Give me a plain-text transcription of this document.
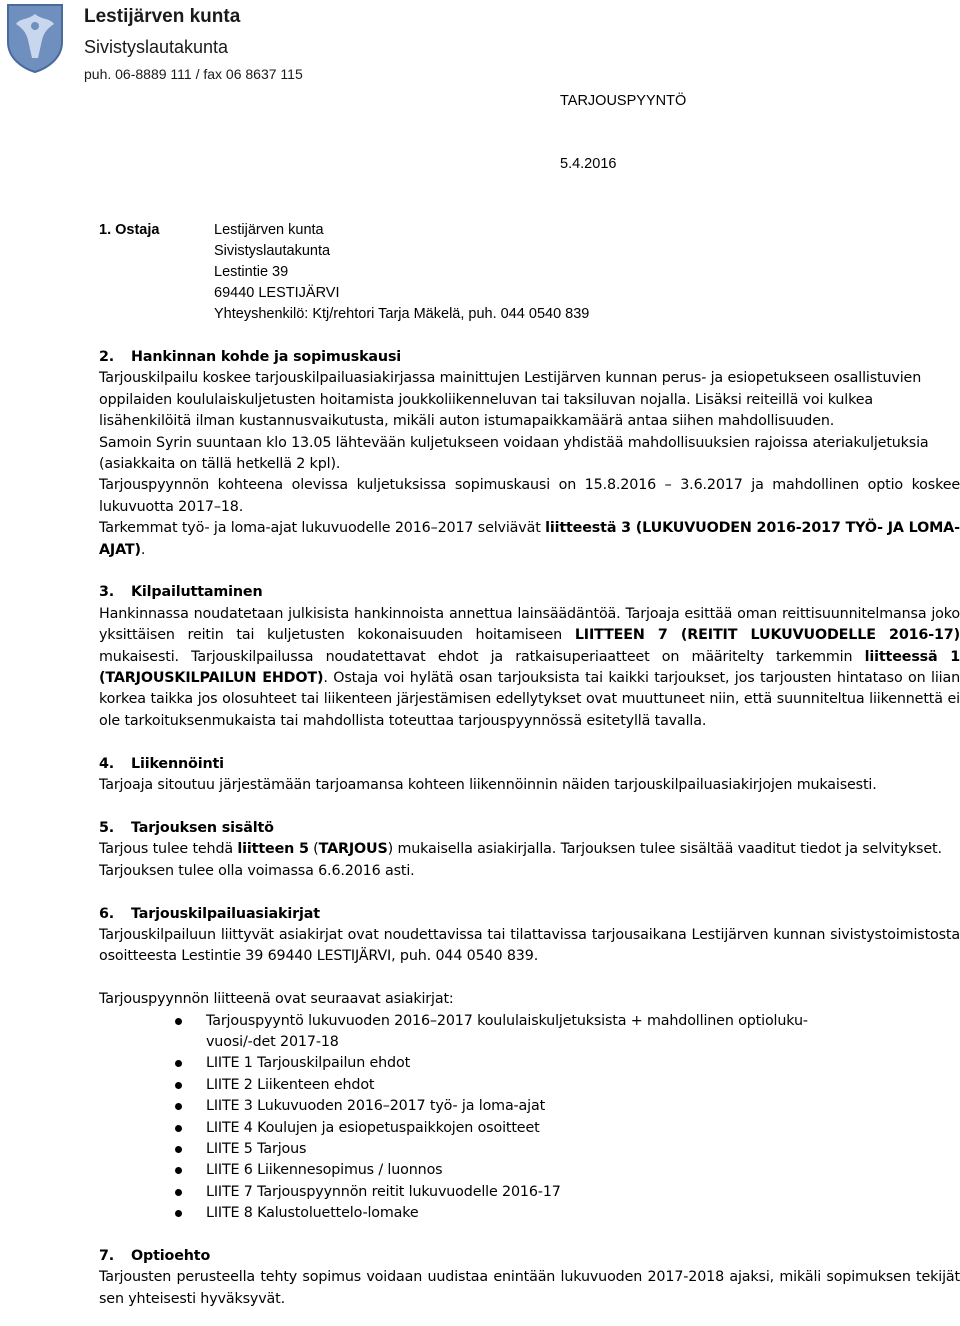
Lestijärven kunta
Sivistyslautakunta
puh. 06-8889 111 / fax 06 8637 115
TARJOUSPYYNTÖ
5.4.2016
1. Ostaja	Lestijärven kunta
Sivistyslautakunta
Lestintie 39
69440 LESTIJÄRVI
Yhteyshenkilö: Ktj/rehtori Tarja Mäkelä, puh. 044 0540 839

2. Hankinnan kohde ja sopimuskausi

Tarjouskilpailu koskee tarjouskilpailuasiakirjassa mainittujen Lestijärven kunnan perus- ja esiopetukseen osallistuvien oppilaiden koululaiskuljetusten hoitamista joukkoliikenneluvan tai taksiluvan nojalla. Lisäksi reiteillä voi kulkea lisähenkilöitä ilman kustannusvaikutusta, mikäli auton istumapaikkamäärä antaa siihen mahdollisuuden.

Samoin Syrin suuntaan klo 13.05 lähtevään kuljetukseen voidaan yhdistää mahdollisuuksien rajoissa ateriakuljetuksia (asiakkaita on tällä hetkellä 2 kpl).

Tarjouspyynnön kohteena olevissa kuljetuksissa sopimuskausi on 15.8.2016 – 3.6.2017 ja mahdollinen optio koskee lukuvuotta 2017–18.

Tarkemmat työ- ja loma-ajat lukuvuodelle 2016–2017 selviävät liitteestä 3 (LUKUVUODEN 2016-2017 TYÖ- JA LOMA-AJAT).

3. Kilpailuttaminen

Hankinnassa noudatetaan julkisista hankinnoista annettua lainsäädäntöä. Tarjoaja esittää oman reittisuunnitelmansa joko yksittäisen reitin tai kuljetusten kokonaisuuden hoitamiseen LIITTEEN 7 (REITIT LUKUVUODELLE 2016-17) mukaisesti. Tarjouskilpailussa noudatettavat ehdot ja ratkaisuperiaatteet on määritelty tarkemmin liitteessä 1 (TARJOUSKILPAILUN EHDOT). Ostaja voi hylätä osan tarjouksista tai kaikki tarjoukset, jos tarjousten hintataso on liian korkea taikka jos olosuhteet tai liikenteen järjestämisen edellytykset ovat muuttuneet niin, että suunniteltua liikennettä ei ole tarkoituksenmukaista tai mahdollista toteuttaa tarjouspyynnössä esitetyllä tavalla.

4. Liikennöinti

Tarjoaja sitoutuu järjestämään tarjoamansa kohteen liikennöinnin näiden tarjouskilpailuasiakirjojen mukaisesti.

5. Tarjouksen sisältö

Tarjous tulee tehdä liitteen 5 (TARJOUS) mukaisella asiakirjalla. Tarjouksen tulee sisältää vaaditut tiedot ja selvitykset.

Tarjouksen tulee olla voimassa 6.6.2016 asti.

6. Tarjouskilpailuasiakirjat

Tarjouskilpailuun liittyvät asiakirjat ovat noudettavissa tai tilattavissa tarjousaikana Lestijärven kunnan sivistystoimistosta osoitteesta Lestintie 39 69440 LESTIJÄRVI, puh. 044 0540 839.

Tarjouspyynnön liitteenä ovat seuraavat asiakirjat:

Tarjouspyyntö lukuvuoden 2016–2017 koululaiskuljetuksista + mahdollinen optioluku-vuosi/-det 2017-18
LIITE 1 Tarjouskilpailun ehdot
LIITE 2 Liikenteen ehdot
LIITE 3 Lukuvuoden 2016–2017 työ- ja loma-ajat
LIITE 4 Koulujen ja esiopetuspaikkojen osoitteet
LIITE 5 Tarjous
LIITE 6 Liikennesopimus / luonnos
LIITE 7 Tarjouspyynnön reitit lukuvuodelle 2016-17
LIITE 8 Kalustoluettelo-lomake

7. Optioehto

Tarjousten perusteella tehty sopimus voidaan uudistaa enintään lukuvuoden 2017-2018 ajaksi, mikäli sopimuksen tekijät sen yhteisesti hyväksyvät.
